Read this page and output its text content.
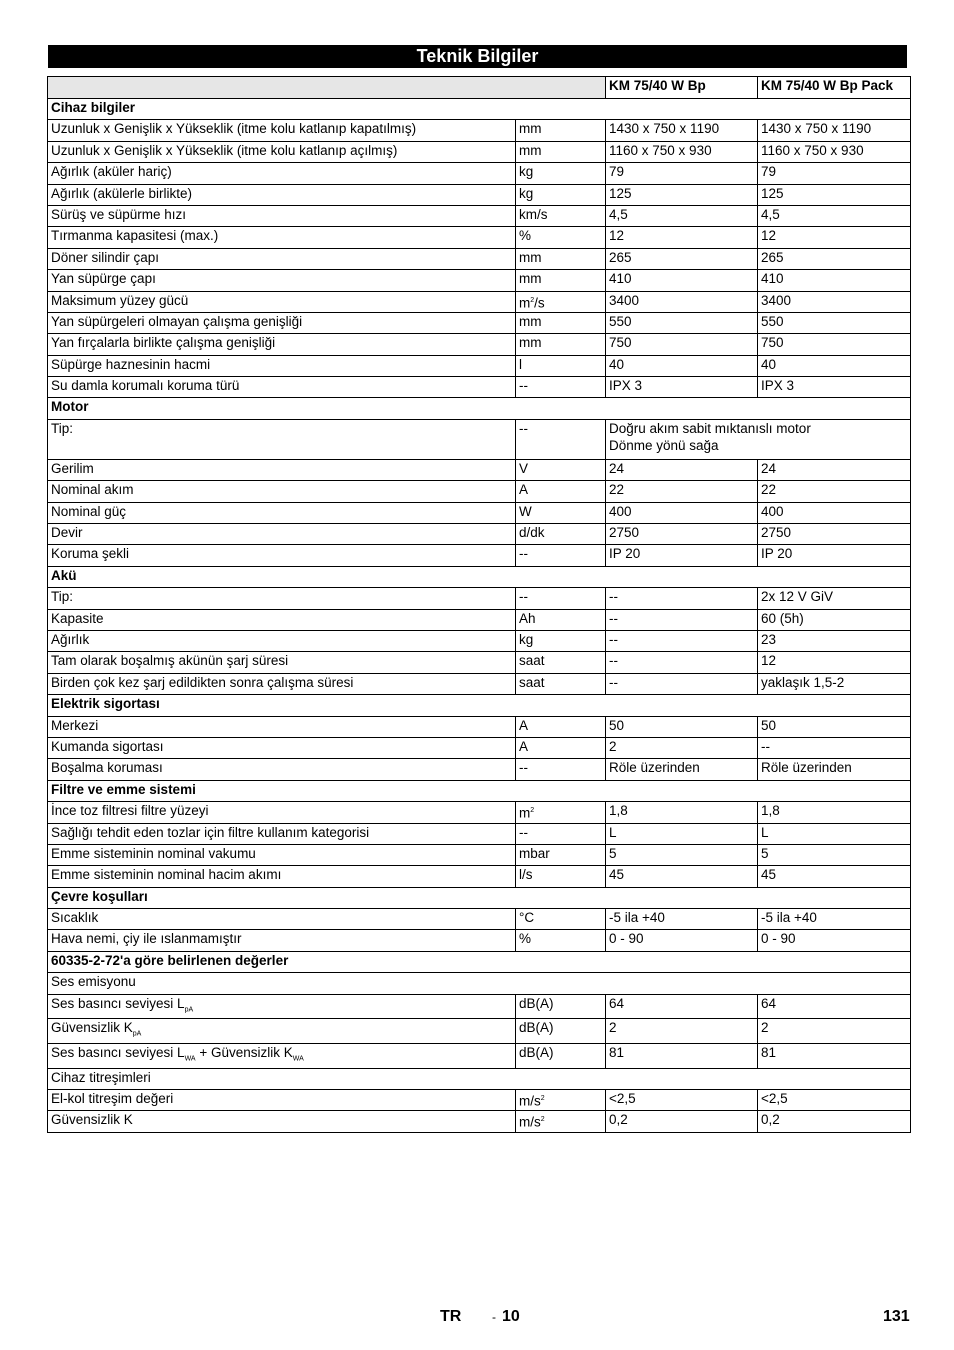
Teknik Bilgiler
		KM 75/40 W Bp	KM 75/40 W Bp Pack
Cihaz bilgiler			
Uzunluk x Genişlik x Yükseklik (itme kolu katlanıp kapatılmış)	mm	1430 x 750 x 1190	1430 x 750 x 1190
Uzunluk x Genişlik x Yükseklik (itme kolu katlanıp açılmış)	mm	1160 x 750 x 930	1160 x 750 x 930
Ağırlık (aküler hariç)	kg	79	79
Ağırlık (akülerle birlikte)	kg	125	125
Sürüş ve süpürme hızı	km/s	4,5	4,5
Tırmanma kapasitesi (max.)	%	12	12
Döner silindir çapı	mm	265	265
Yan süpürge çapı	mm	410	410
Maksimum yüzey gücü	$m^2/s$	3400	3400
Yan süpürgeleri olmayan çalışma genişliği	mm	550	550
Yan fırçalarla birlikte çalışma genişliği	mm	750	750
Süpürge haznesinin hacmi	l	40	40
Su damla korumalı koruma türü	--	IPX 3	IPX 3
Motor			
Tip:	--	Doğru akım sabit mıktanıslı motor
Dönme yönü sağa	

Gerilim	V	24	24
Nominal akım	A	22	22
Nominal güç	W	400	400
Devir	d/dk	2750	2750
Koruma şekli	--	IP 20	IP 20
Akü			
Tip:	--	--	2x 12 V GiV
Kapasite	Ah	--	60 (5h)
Ağırlık	kg	--	23
Tam olarak boşalmış akünün şarj süresi	saat	--	12
Birden çok kez şarj edildikten sonra çalışma süresi	saat	--	yaklaşık 1,5-2
Elektrik sigortası			
Merkezi	A	50	50
Kumanda sigortası	A	2	--
Boşalma koruması	--	Röle üzerinden	Röle üzerinden
Filtre ve emme sistemi			
İnce toz filtresi filtre yüzeyi	$m^2$	1,8	1,8
Sağlığı tehdit eden tozlar için filtre kullanım kategorisi	--	L	L
Emme sisteminin nominal vakumu	mbar	5	5
Emme sisteminin nominal hacim akımı	l/s	45	45
Çevre koşulları			
Sıcaklık	°C	-5 ila +40	-5 ila +40
Hava nemi, çiy ile ıslanmamıştır	%	0 - 90	0 - 90
60335-2-72'a göre belirlenen değerler			
Ses emisyonu			
Ses basıncı seviyesi $L_{pA}$	dB(A)	64	64
Güvensizlik $K_{pA}$	dB(A)	2	2
Ses basıncı seviyesi $L_{WA}$ + Güvensizlik $K_{WA}$	dB(A)	81	81
Cihaz titreşimleri			
El-kol titreşim değeri	$m/s^2$	<2,5	<2,5
Güvensizlik K	$m/s^2$	0,2	0,2
TR	- 10	131
